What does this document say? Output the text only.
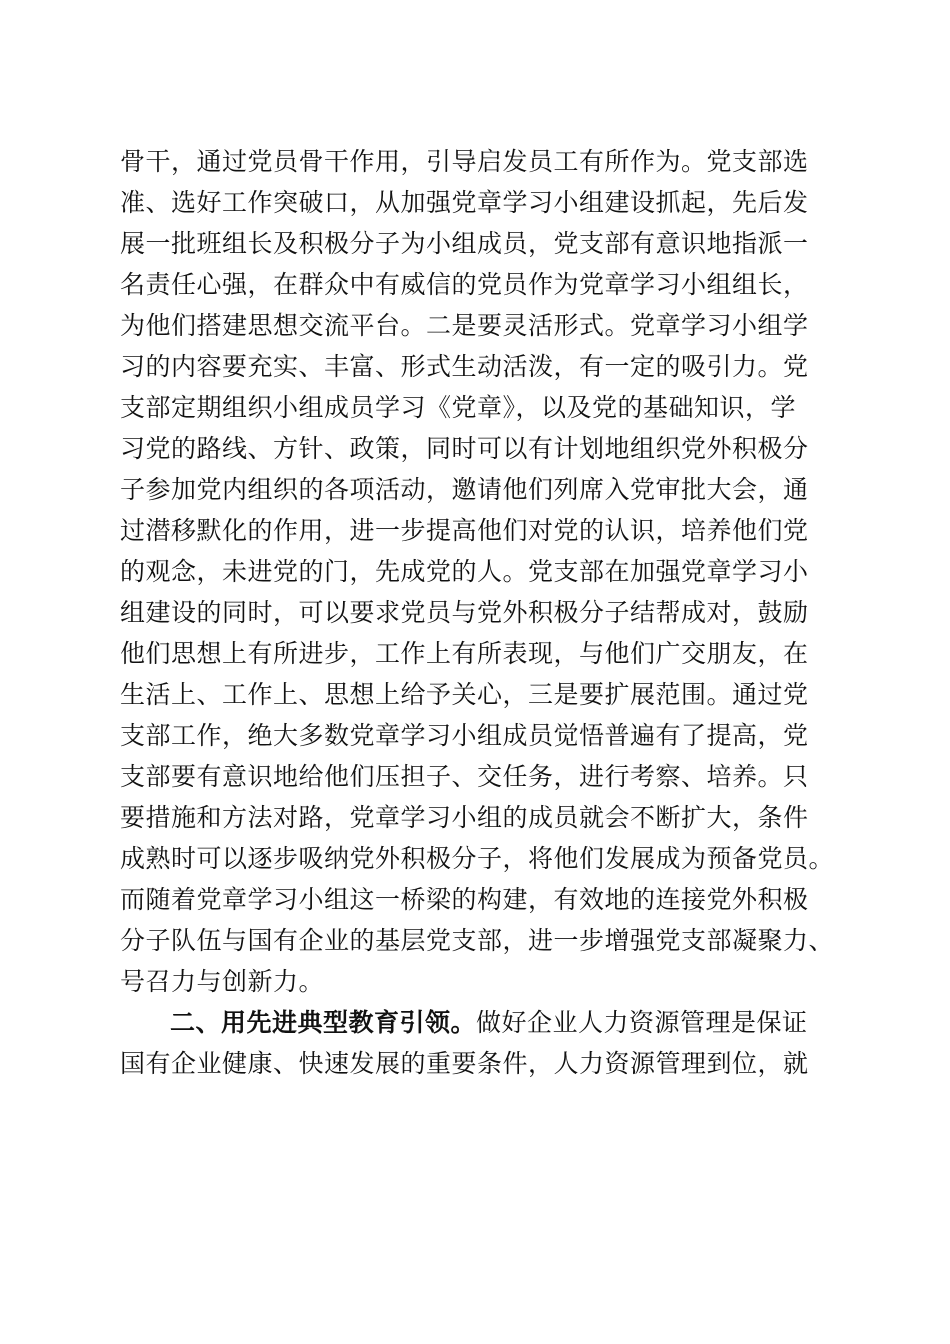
骨干，通过党员骨干作用，引导启发员工有所作为。党支部选
准、选好工作突破口，从加强党章学习小组建设抓起，先后发
展一批班组长及积极分子为小组成员，党支部有意识地指派一
名责任心强，在群众中有威信的党员作为党章学习小组组长，
为他们搭建思想交流平台。二是要灵活形式。党章学习小组学
习的内容要充实、丰富、形式生动活泼，有一定的吸引力。党
支部定期组织小组成员学习《党章》，以及党的基础知识，学
习党的路线、方针、政策，同时可以有计划地组织党外积极分
子参加党内组织的各项活动，邀请他们列席入党审批大会，通
过潜移默化的作用，进一步提高他们对党的认识，培养他们党
的观念，未进党的门，先成党的人。党支部在加强党章学习小
组建设的同时，可以要求党员与党外积极分子结帮成对，鼓励
他们思想上有所进步，工作上有所表现，与他们广交朋友，在
生活上、工作上、思想上给予关心，三是要扩展范围。通过党
支部工作，绝大多数党章学习小组成员觉悟普遍有了提高，党
支部要有意识地给他们压担子、交任务，进行考察、培养。只
要措施和方法对路，党章学习小组的成员就会不断扩大，条件
成熟时可以逐步吸纳党外积极分子，将他们发展成为预备党员。
而随着党章学习小组这一桥梁的构建，有效地的连接党外积极
分子队伍与国有企业的基层党支部，进一步增强党支部凝聚力、
号召力与创新力。
二、用先进典型教育引领。做好企业人力资源管理是保证
国有企业健康、快速发展的重要条件，人力资源管理到位，就
